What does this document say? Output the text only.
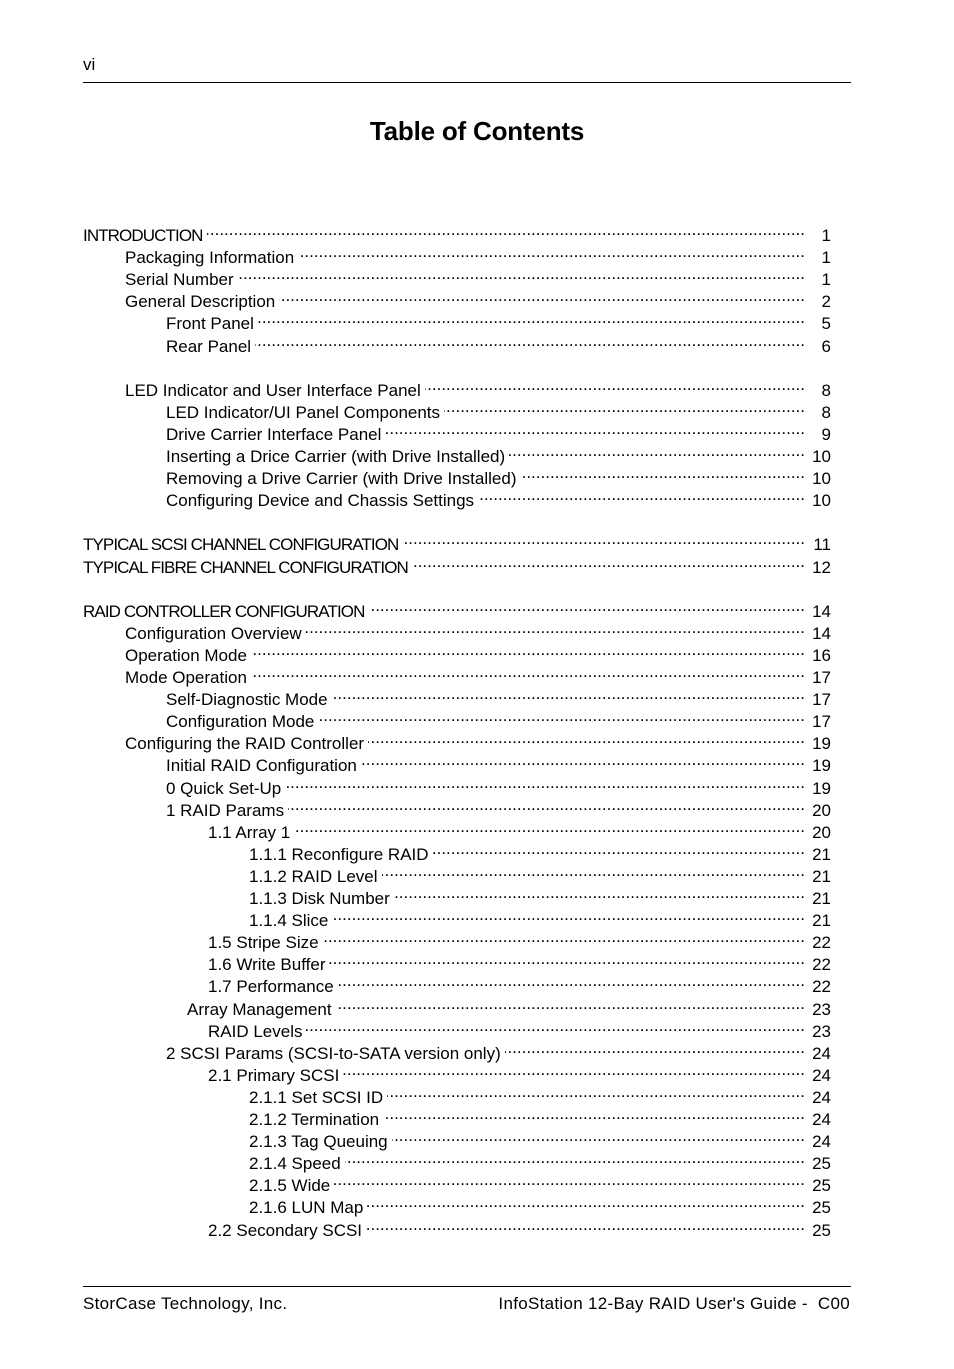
vi
Table of Contents
INTRODUCTION .....	1
Packaging Information .....	1
Serial Number .....	1
General Description .....	2
Front Panel .....	5
Rear Panel .....	6
LED Indicator and User Interface Panel .....	8
LED Indicator/UI Panel Components .....	8
Drive Carrier Interface Panel .....	9
Inserting a Drice Carrier (with Drive Installed) .....	10
Removing a Drive Carrier (with Drive Installed) .....	10
Configuring Device and Chassis Settings .....	10
TYPICAL SCSI CHANNEL CONFIGURATION .....	11
TYPICAL FIBRE CHANNEL CONFIGURATION .....	12
RAID CONTROLLER CONFIGURATION .....	14
Configuration Overview .....	14
Operation Mode .....	16
Mode Operation .....	17
Self-Diagnostic Mode .....	17
Configuration Mode .....	17
Configuring the RAID Controller .....	19
Initial RAID Configuration .....	19
0 Quick Set-Up .....	19
1 RAID Params .....	20
1.1 Array 1 .....	20
1.1.1 Reconfigure RAID .....	21
1.1.2 RAID Level .....	21
1.1.3 Disk Number .....	21
1.1.4 Slice .....	21
1.5 Stripe Size .....	22
1.6 Write Buffer .....	22
1.7 Performance .....	22
Array Management .....	23
RAID Levels .....	23
2 SCSI Params (SCSI-to-SATA version only) .....	24
2.1 Primary SCSI .....	24
2.1.1 Set SCSI ID .....	24
2.1.2 Termination .....	24
2.1.3 Tag Queuing .....	24
2.1.4 Speed .....	25
2.1.5 Wide .....	25
2.1.6 LUN Map .....	25
2.2 Secondary SCSI .....	25
StorCase Technology, Inc.	InfoStation 12-Bay RAID User's Guide -  C00
